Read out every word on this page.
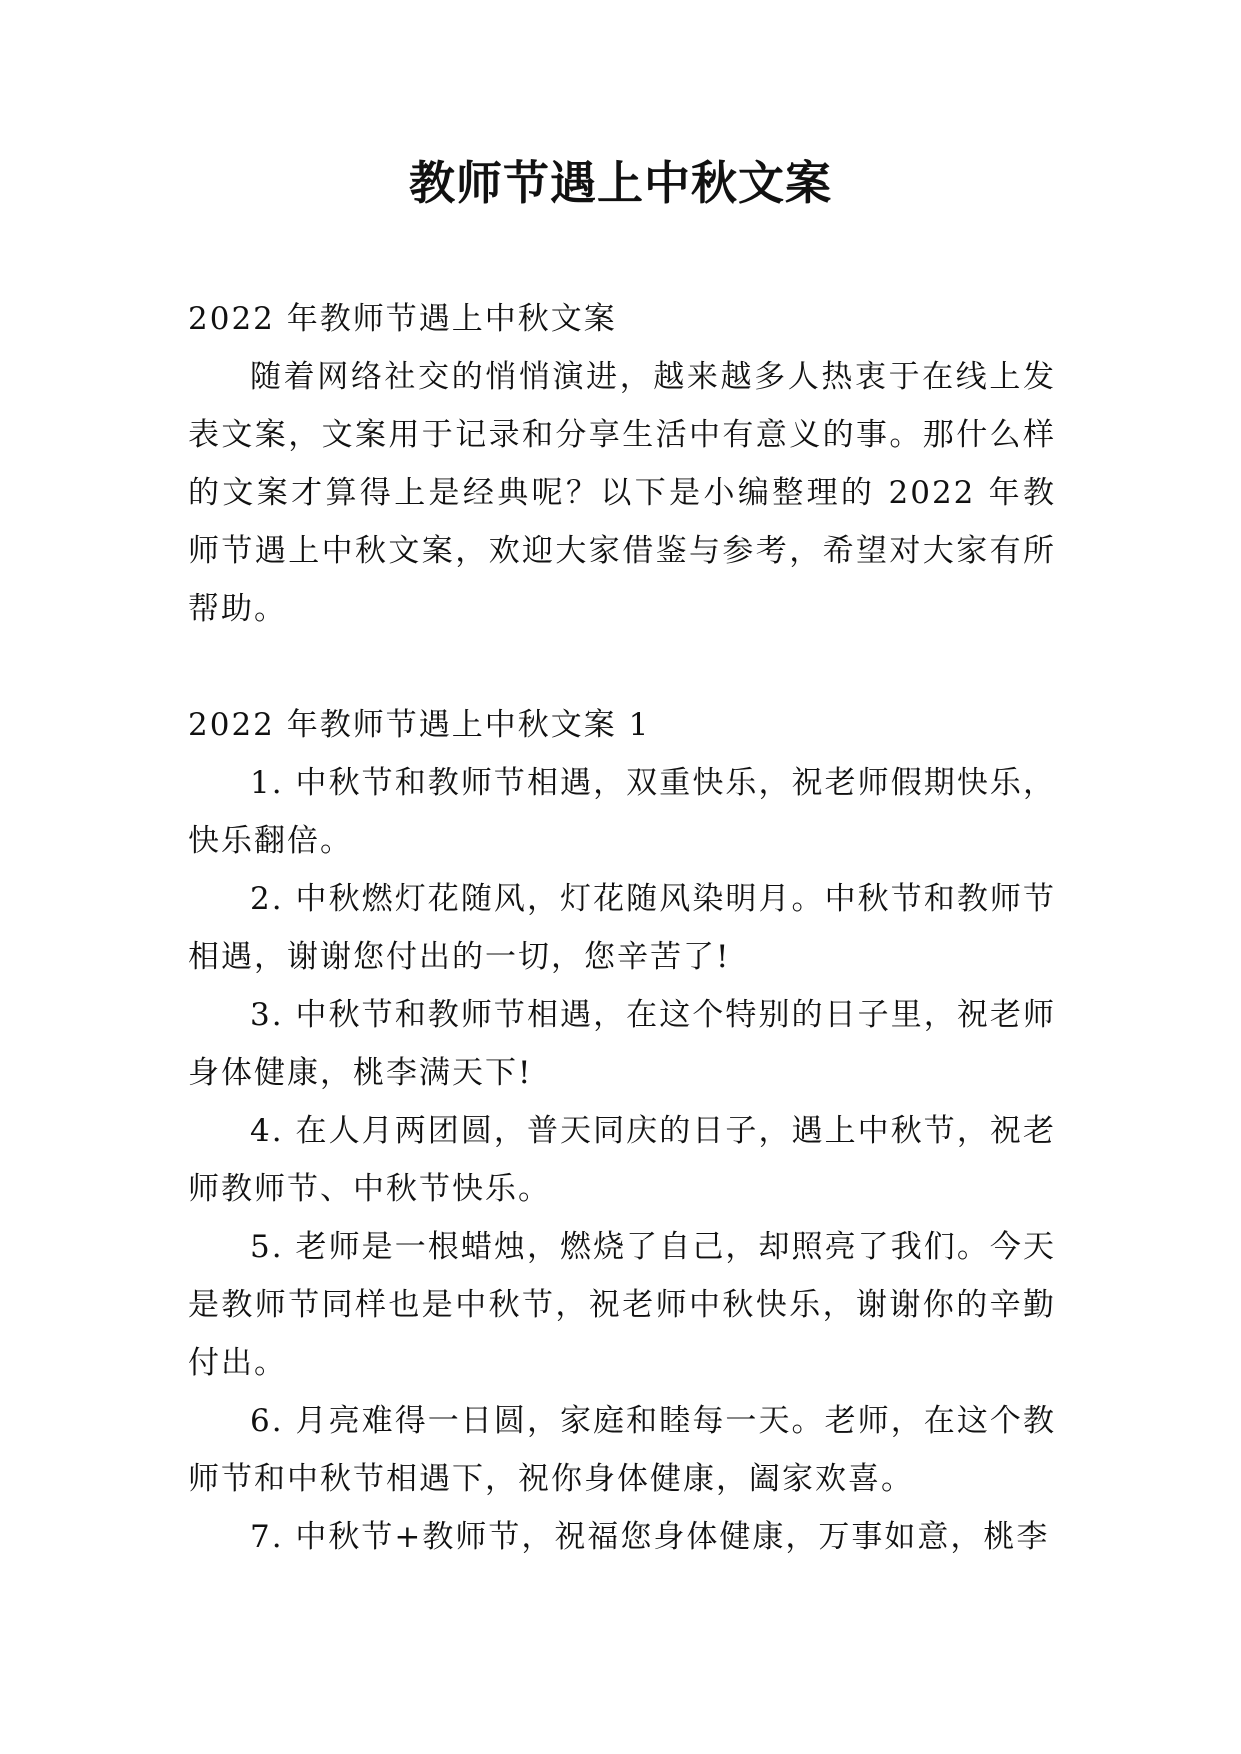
教师节遇上中秋文案
2022 年教师节遇上中秋文案

随着网络社交的悄悄演进，越来越多人热衷于在线上发表文案，文案用于记录和分享生活中有意义的事。那什么样的文案才算得上是经典呢？以下是小编整理的 2022 年教师节遇上中秋文案，欢迎大家借鉴与参考，希望对大家有所帮助。

2022 年教师节遇上中秋文案 1

1. 中秋节和教师节相遇，双重快乐，祝老师假期快乐，快乐翻倍。

2. 中秋燃灯花随风，灯花随风染明月。中秋节和教师节相遇，谢谢您付出的一切，您辛苦了!

3. 中秋节和教师节相遇，在这个特别的日子里，祝老师身体健康，桃李满天下!

4. 在人月两团圆，普天同庆的日子，遇上中秋节，祝老师教师节、中秋节快乐。

5. 老师是一根蜡烛，燃烧了自己，却照亮了我们。今天是教师节同样也是中秋节，祝老师中秋快乐，谢谢你的辛勤付出。

6. 月亮难得一日圆，家庭和睦每一天。老师，在这个教师节和中秋节相遇下，祝你身体健康，阖家欢喜。

7. 中秋节+教师节，祝福您身体健康，万事如意，桃李
